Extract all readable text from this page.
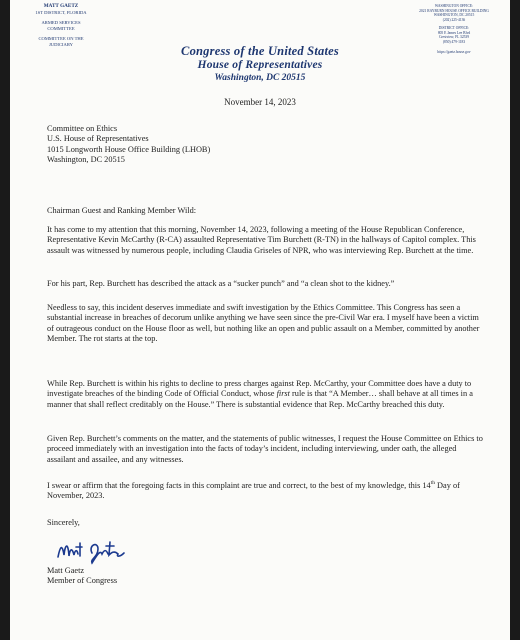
MATT GAETZ
1ST DISTRICT, FLORIDA
ARMED SERVICES
COMMITTEE
COMMITTEE ON THE
JUDICIARY	Congress of the United States
House of Representatives
Washington, DC 20515
WASHINGTON OFFICE:
2021 RAYBURN HOUSE OFFICE BUILDING
WASHINGTON, DC 20515
(202) 225-4136
DISTRICT OFFICE:
805 E James Lee Blvd
Crestview, FL 32539
(850) 479-1183
https://gaetz.house.gov
November 14, 2023
Committee on Ethics
U.S. House of Representatives
1015 Longworth House Office Building (LHOB)
Washington, DC 20515
Chairman Guest and Ranking Member Wild:
It has come to my attention that this morning, November 14, 2023, following a meeting of the House Republican Conference, Representative Kevin McCarthy (R-CA) assaulted Representative Tim Burchett (R-TN) in the hallways of Capitol complex. This assault was witnessed by numerous people, including Claudia Griseles of NPR, who was interviewing Rep. Burchett at the time.
For his part, Rep. Burchett has described the attack as a “sucker punch” and “a clean shot to the kidney.”
Needless to say, this incident deserves immediate and swift investigation by the Ethics Committee. This Congress has seen a substantial increase in breaches of decorum unlike anything we have seen since the pre-Civil War era. I myself have been a victim of outrageous conduct on the House floor as well, but nothing like an open and public assault on a Member, committed by another Member. The rot starts at the top.
While Rep. Burchett is within his rights to decline to press charges against Rep. McCarthy, your Committee does have a duty to investigate breaches of the binding Code of Official Conduct, whose first rule is that “A Member… shall behave at all times in a manner that shall reflect creditably on the House.” There is substantial evidence that Rep. McCarthy breached this duty.
Given Rep. Burchett’s comments on the matter, and the statements of public witnesses, I request the House Committee on Ethics to proceed immediately with an investigation into the facts of today’s incident, including interviewing, under oath, the alleged assailant and assailee, and any witnesses.
I swear or affirm that the foregoing facts in this complaint are true and correct, to the best of my knowledge, this 14th Day of November, 2023.
Sincerely,
Matt Gaetz
Member of Congress
